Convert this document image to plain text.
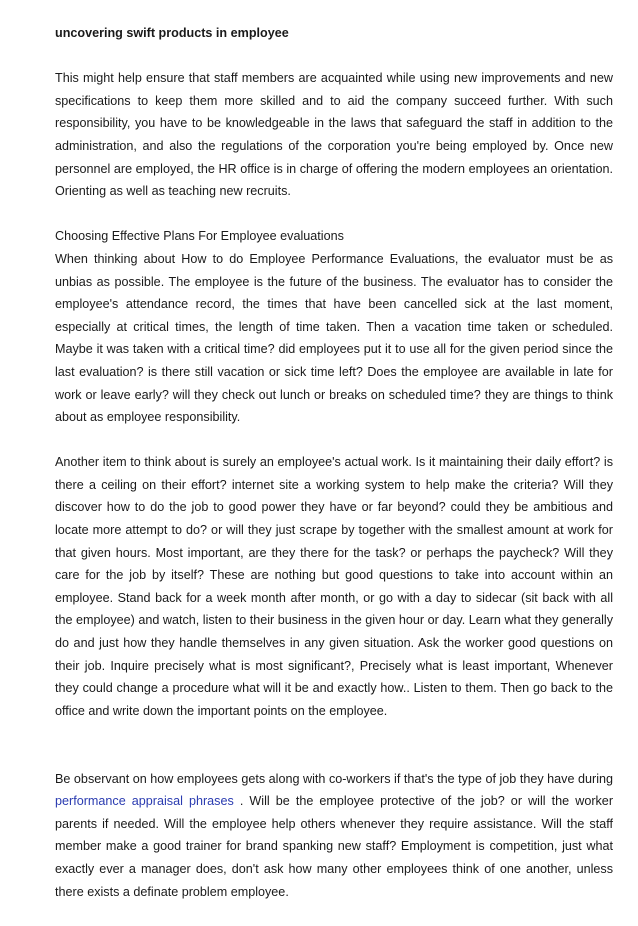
uncovering swift products in employee

This might help ensure that staff members are acquainted while using new improvements and new specifications to keep them more skilled and to aid the company succeed further. With such responsibility, you have to be knowledgeable in the laws that safeguard the staff in addition to the administration, and also the regulations of the corporation you're being employed by. Once new personnel are employed, the HR office is in charge of offering the modern employees an orientation. Orienting as well as teaching new recruits.

Choosing Effective Plans For Employee evaluations
When thinking about How to do Employee Performance Evaluations, the evaluator must be as unbias as possible. The employee is the future of the business. The evaluator has to consider the employee's attendance record, the times that have been cancelled sick at the last moment, especially at critical times, the length of time taken. Then a vacation time taken or scheduled. Maybe it was taken with a critical time? did employees put it to use all for the given period since the last evaluation? is there still vacation or sick time left? Does the employee are available in late for work or leave early? will they check out lunch or breaks on scheduled time? they are things to think about as employee responsibility.

Another item to think about is surely an employee's actual work. Is it maintaining their daily effort? is there a ceiling on their effort? internet site a working system to help make the criteria? Will they discover how to do the job to good power they have or far beyond? could they be ambitious and locate more attempt to do? or will they just scrape by together with the smallest amount at work for that given hours. Most important, are they there for the task? or perhaps the paycheck? Will they care for the job by itself? These are nothing but good questions to take into account within an employee. Stand back for a week month after month, or go with a day to sidecar (sit back with all the employee) and watch, listen to their business in the given hour or day. Learn what they generally do and just how they handle themselves in any given situation. Ask the worker good questions on their job. Inquire precisely what is most significant?, Precisely what is least important, Whenever they could change a procedure what will it be and exactly how.. Listen to them. Then go back to the office and write down the important points on the employee.

Be observant on how employees gets along with co-workers if that's the type of job they have during performance appraisal phrases . Will be the employee protective of the job? or will the worker parents if needed. Will the employee help others whenever they require assistance. Will the staff member make a good trainer for brand spanking new staff? Employment is competition, just what exactly ever a manager does, don't ask how many other employees think of one another, unless there exists a definate problem employee.
